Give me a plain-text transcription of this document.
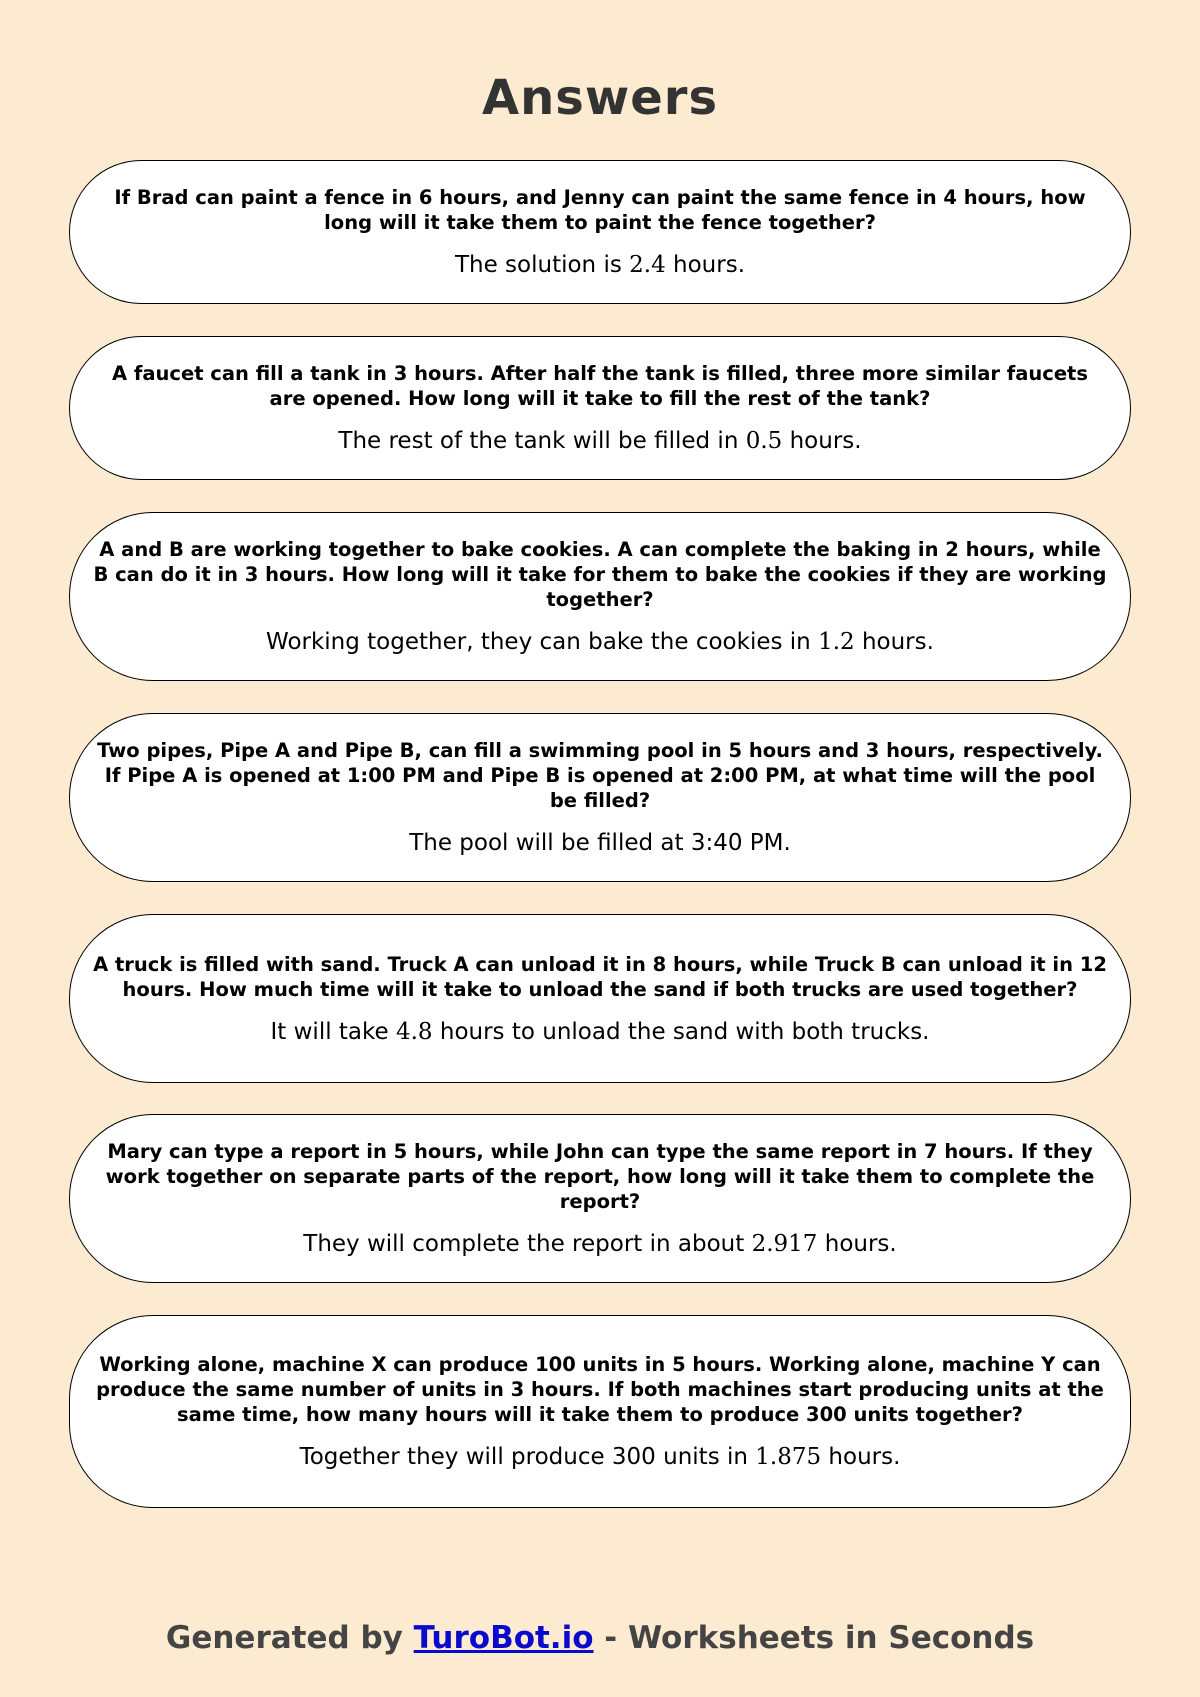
Answers
If Brad can paint a fence in 6 hours, and Jenny can paint the same fence in 4 hours, how long will it take them to paint the fence together?
The solution is 2.4 hours.
A faucet can fill a tank in 3 hours. After half the tank is filled, three more similar faucets are opened. How long will it take to fill the rest of the tank?
The rest of the tank will be filled in 0.5 hours.
A and B are working together to bake cookies. A can complete the baking in 2 hours, while B can do it in 3 hours. How long will it take for them to bake the cookies if they are working together?
Working together, they can bake the cookies in 1.2 hours.
Two pipes, Pipe A and Pipe B, can fill a swimming pool in 5 hours and 3 hours, respectively. If Pipe A is opened at 1:00 PM and Pipe B is opened at 2:00 PM, at what time will the pool be filled?
The pool will be filled at 3:40 PM.
A truck is filled with sand. Truck A can unload it in 8 hours, while Truck B can unload it in 12 hours. How much time will it take to unload the sand if both trucks are used together?
It will take 4.8 hours to unload the sand with both trucks.
Mary can type a report in 5 hours, while John can type the same report in 7 hours. If they work together on separate parts of the report, how long will it take them to complete the report?
They will complete the report in about 2.917 hours.
Working alone, machine X can produce 100 units in 5 hours. Working alone, machine Y can produce the same number of units in 3 hours. If both machines start producing units at the same time, how many hours will it take them to produce 300 units together?
Together they will produce 300 units in 1.875 hours.
Generated by TuroBot.io - Worksheets in Seconds
